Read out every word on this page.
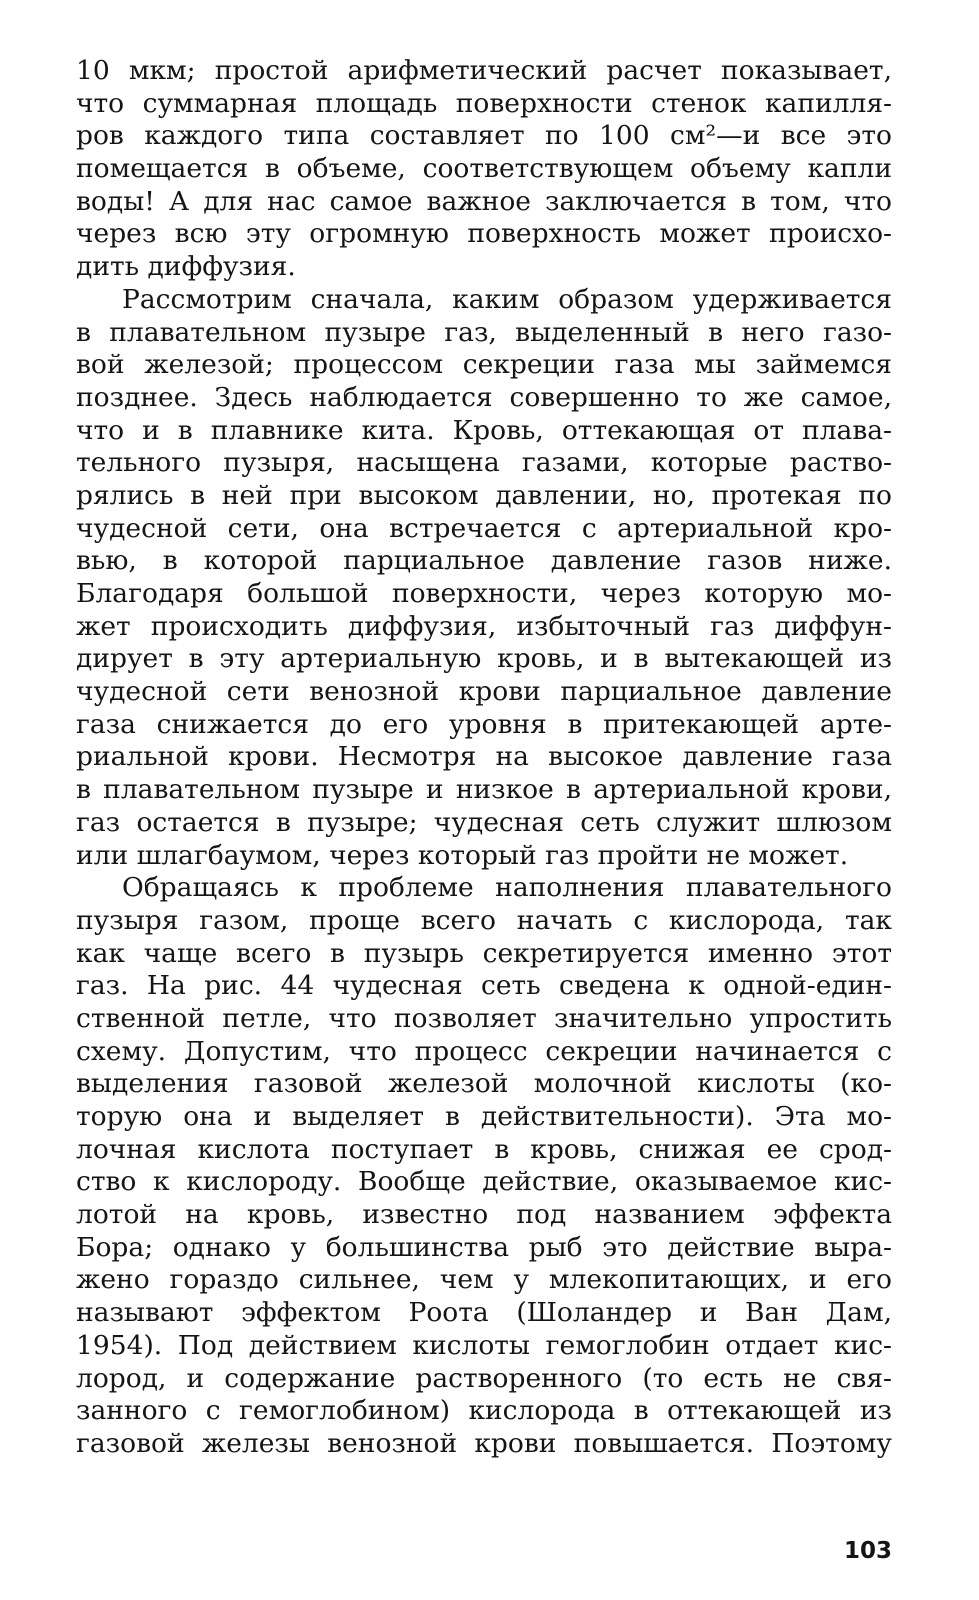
10 мкм; простой арифметический расчет показывает,
что суммарная площадь поверхности стенок капилля-
ров каждого типа составляет по 100 см²—и все это
помещается в объеме, соответствующем объему капли
воды! А для нас самое важное заключается в том, что
через всю эту огромную поверхность может происхо-
дить диффузия.

Рассмотрим сначала, каким образом удерживается
в плавательном пузыре газ, выделенный в него газо-
вой железой; процессом секреции газа мы займемся
позднее. Здесь наблюдается совершенно то же самое,
что и в плавнике кита. Кровь, оттекающая от плава-
тельного пузыря, насыщена газами, которые раство-
рялись в ней при высоком давлении, но, протекая по
чудесной сети, она встречается с артериальной кро-
вью, в которой парциальное давление газов ниже.
Благодаря большой поверхности, через которую мо-
жет происходить диффузия, избыточный газ диффун-
дирует в эту артериальную кровь, и в вытекающей из
чудесной сети венозной крови парциальное давление
газа снижается до его уровня в притекающей арте-
риальной крови. Несмотря на высокое давление газа
в плавательном пузыре и низкое в артериальной крови,
газ остается в пузыре; чудесная сеть служит шлюзом
или шлагбаумом, через который газ пройти не может.

Обращаясь к проблеме наполнения плавательного
пузыря газом, проще всего начать с кислорода, так
как чаще всего в пузырь секретируется именно этот
газ. На рис. 44 чудесная сеть сведена к одной-един-
ственной петле, что позволяет значительно упростить
схему. Допустим, что процесс секреции начинается с
выделения газовой железой молочной кислоты (ко-
торую она и выделяет в действительности). Эта мо-
лочная кислота поступает в кровь, снижая ее срод-
ство к кислороду. Вообще действие, оказываемое кис-
лотой на кровь, известно под названием эффекта
Бора; однако у большинства рыб это действие выра-
жено гораздо сильнее, чем у млекопитающих, и его
называют эффектом Роота (Шоландер и Ван Дам,
1954). Под действием кислоты гемоглобин отдает кис-
лород, и содержание растворенного (то есть не свя-
занного с гемоглобином) кислорода в оттекающей из
газовой железы венозной крови повышается. Поэтому

103
